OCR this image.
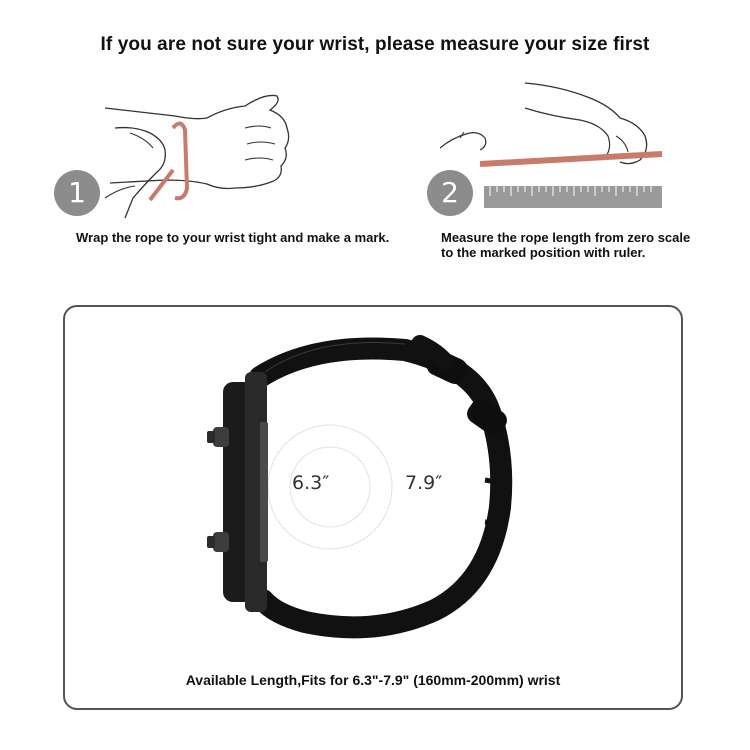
If you are not sure your wrist, please measure your size first
1
Wrap the rope to your wrist tight and make a mark.
2
Measure the rope length from zero scale
to the marked position with ruler.
6.3″	7.9″
Available Length,Fits for 6.3"-7.9" (160mm-200mm) wrist
